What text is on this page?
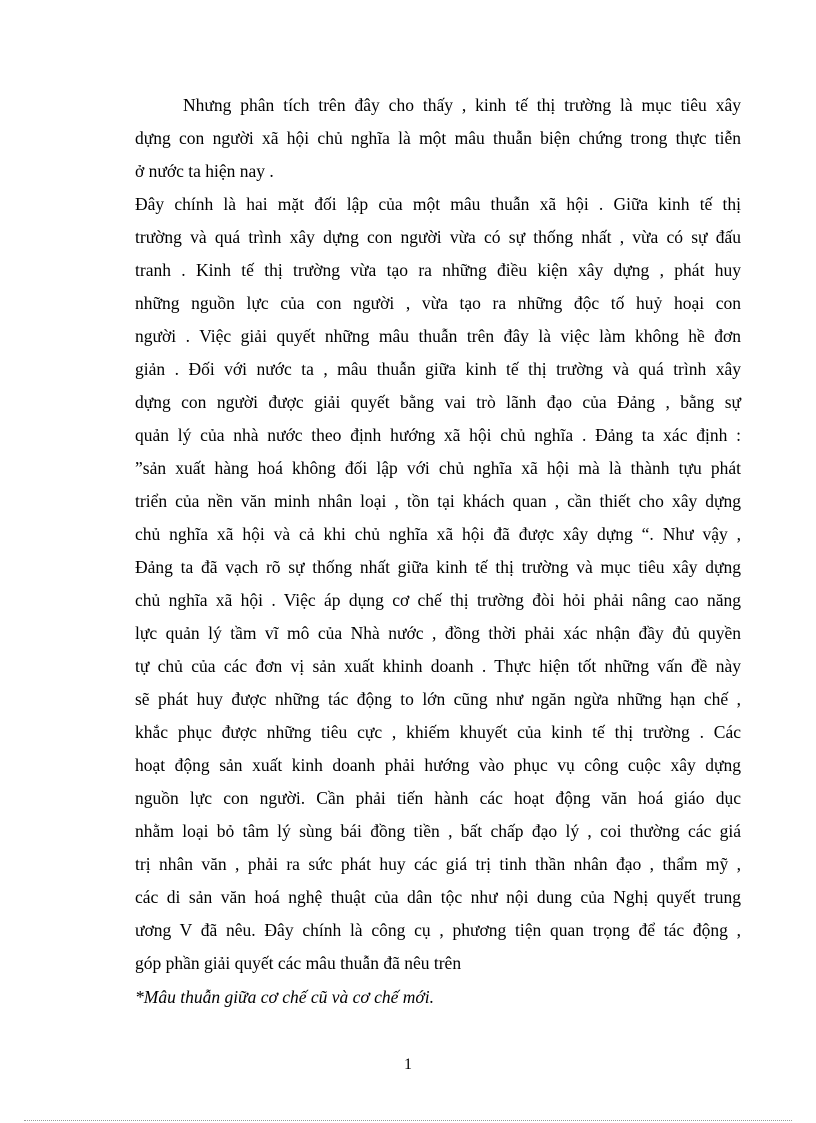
Nhưng phân tích trên đây cho thấy , kinh tế thị trường là mục tiêu xây
dựng con người xã hội chủ nghĩa là một mâu thuẫn biện chứng trong thực tiễn
ở nước ta hiện nay .
Đây chính là hai mặt đối lập của một mâu thuẫn xã hội . Giữa kinh tế thị
trường và quá trình xây dựng con người vừa có sự thống nhất , vừa có sự đấu
tranh . Kinh tế thị trường vừa tạo ra những điều kiện xây dựng , phát huy
những nguồn lực của con người , vừa tạo ra những độc tố huỷ hoại con
người . Việc giải quyết những mâu thuẫn trên đây là việc làm không hề đơn
giản . Đối với nước ta , mâu thuẫn giữa kinh tế thị trường và quá trình xây
dựng con người được giải quyết bằng vai trò lãnh đạo của Đảng , bằng sự
quản lý của nhà nước theo định hướng xã hội chủ nghĩa . Đảng ta xác định :
”sản xuất hàng hoá không đối lập với chủ nghĩa xã hội mà là thành tựu phát
triển của nền văn minh nhân loại , tồn tại khách quan , cần thiết cho xây dựng
chủ nghĩa xã hội và cả khi chủ nghĩa xã hội đã được xây dựng “. Như vậy ,
Đảng ta đã vạch rõ sự thống nhất giữa kinh tế thị trường và mục tiêu xây dựng
chủ nghĩa xã hội . Việc áp dụng cơ chế thị trường đòi hỏi phải nâng cao năng
lực quản lý tầm vĩ mô của Nhà nước , đồng thời phải xác nhận đầy đủ quyền
tự chủ của các đơn vị sản xuất khinh doanh . Thực hiện tốt những vấn đề này
sẽ phát huy được những tác động to lớn cũng như ngăn ngừa những hạn chế ,
khắc phục được những tiêu cực , khiếm khuyết của kinh tế thị trường . Các
hoạt động sản xuất kinh doanh phải hướng vào phục vụ công cuộc xây dựng
nguồn lực con người. Cần phải tiến hành các hoạt động văn hoá giáo dục
nhằm loại bỏ tâm lý sùng bái đồng tiền , bất chấp đạo lý , coi thường các giá
trị nhân văn , phải ra sức phát huy các giá trị tinh thần nhân đạo , thẩm mỹ ,
các di sản văn hoá nghệ thuật của dân tộc như nội dung của Nghị quyết trung
ương V đã nêu. Đây chính là công cụ , phương tiện quan trọng để tác động ,
góp phần giải quyết các mâu thuẫn đã nêu trên
*Mâu thuẫn giữa cơ chế cũ và cơ chế mới.
1
